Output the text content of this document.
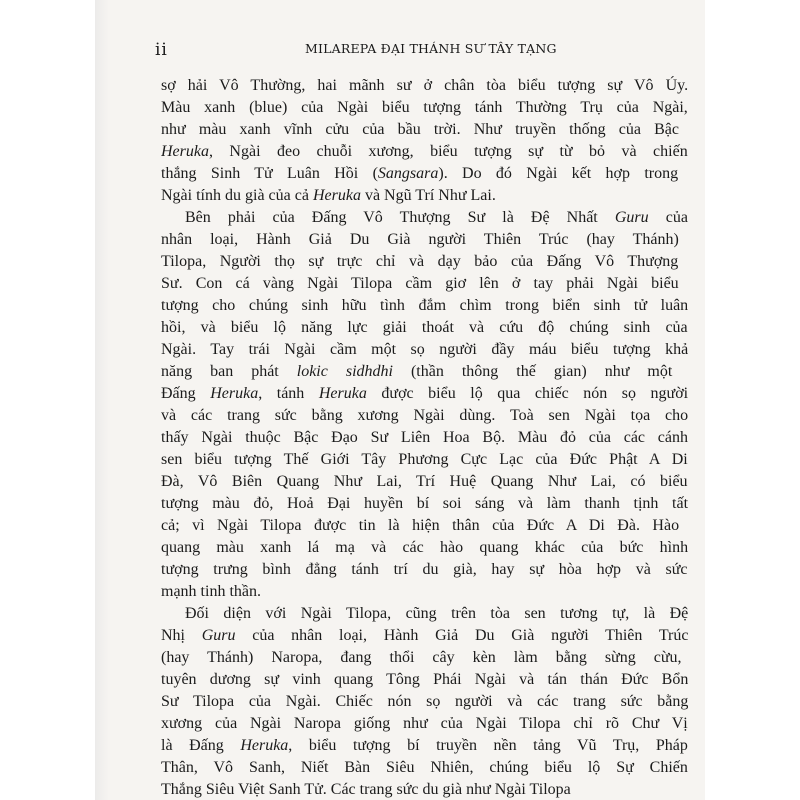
ii	MILAREPA ĐẠI THÁNH SƯ TÂY TẠNG
sợ hải Vô Thường, hai mãnh sư ở chân tòa biểu tượng sự Vô Úy.
Màu xanh (blue) của Ngài biểu tượng tánh Thường Trụ của Ngài,
như màu xanh vĩnh cửu của bầu trời. Như truyền thống của Bậc
Heruka, Ngài đeo chuỗi xương, biểu tượng sự từ bỏ và chiến
thắng Sinh Tử Luân Hồi (Sangsara). Do đó Ngài kết hợp trong
Ngài tính du già của cả Heruka và Ngũ Trí Như Lai.
Bên phải của Đấng Vô Thượng Sư là Đệ Nhất Guru của
nhân loại, Hành Giả Du Già người Thiên Trúc (hay Thánh)
Tilopa, Người thọ sự trực chỉ và dạy bảo của Đấng Vô Thượng
Sư. Con cá vàng Ngài Tilopa cầm giơ lên ở tay phải Ngài biểu
tượng cho chúng sinh hữu tình đắm chìm trong biển sinh tử luân
hồi, và biểu lộ năng lực giải thoát và cứu độ chúng sinh của
Ngài. Tay trái Ngài cầm một sọ người đầy máu biểu tượng khả
năng ban phát lokic sidhdhi (thần thông thế gian) như một
Đấng Heruka, tánh Heruka được biểu lộ qua chiếc nón sọ người
và các trang sức bằng xương Ngài dùng. Toà sen Ngài tọa cho
thấy Ngài thuộc Bậc Đạo Sư Liên Hoa Bộ. Màu đỏ của các cánh
sen biểu tượng Thế Giới Tây Phương Cực Lạc của Đức Phật A Di
Đà, Vô Biên Quang Như Lai, Trí Huệ Quang Như Lai, có biểu
tượng màu đỏ, Hoả Đại huyền bí soi sáng và làm thanh tịnh tất
cả; vì Ngài Tilopa được tin là hiện thân của Đức A Di Đà. Hào
quang màu xanh lá mạ và các hào quang khác của bức hình
tượng trưng bình đẳng tánh trí du già, hay sự hòa hợp và sức
mạnh tinh thần.
Đối diện với Ngài Tilopa, cũng trên tòa sen tương tự, là Đệ
Nhị Guru của nhân loại, Hành Giả Du Già người Thiên Trúc
(hay Thánh) Naropa, đang thổi cây kèn làm bằng sừng cừu,
tuyên dương sự vinh quang Tông Phái Ngài và tán thán Đức Bổn
Sư Tilopa của Ngài. Chiếc nón sọ người và các trang sức bằng
xương của Ngài Naropa giống như của Ngài Tilopa chỉ rõ Chư Vị
là Đấng Heruka, biểu tượng bí truyền nền tảng Vũ Trụ, Pháp
Thân, Vô Sanh, Niết Bàn Siêu Nhiên, chúng biểu lộ Sự Chiến
Thắng Siêu Việt Sanh Tử. Các trang sức du già như Ngài Tilopa
